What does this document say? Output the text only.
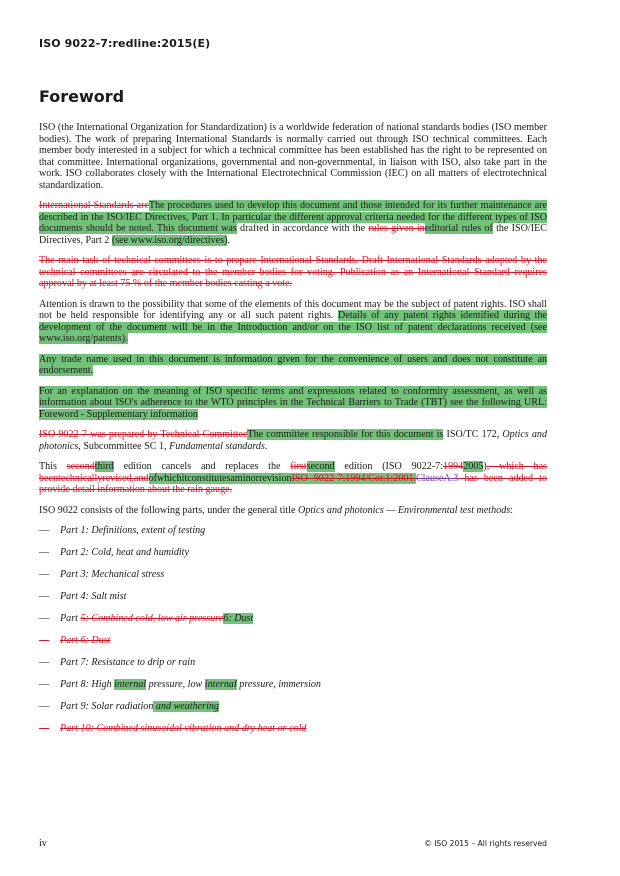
ISO 9022-7:redline:2015(E)
Foreword

ISO (the International Organization for Standardization) is a worldwide federation of national standards bodies (ISO member bodies). The work of preparing International Standards is normally carried out through ISO technical committees. Each member body interested in a subject for which a technical committee has been established has the right to be represented on that committee. International organizations, governmental and non-governmental, in liaison with ISO, also take part in the work. ISO collaborates closely with the International Electrotechnical Commission (IEC) on all matters of electrotechnical standardization.

International Standards areThe procedures used to develop this document and those intended for its further maintenance are described in the ISO/IEC Directives, Part 1. In particular the different approval criteria needed for the different types of ISO documents should be noted. This document was drafted in accordance with the rules given ineditorial rules of the ISO/IEC Directives, Part 2 (see www.iso.org/directives).

The main task of technical committees is to prepare International Standards. Draft International Standards adopted by the technical committees are circulated to the member bodies for voting. Publication as an International Standard requires approval by at least 75 % of the member bodies casting a vote.

Attention is drawn to the possibility that some of the elements of this document may be the subject of patent rights. ISO shall not be held responsible for identifying any or all such patent rights. Details of any patent rights identified during the development of the document will be in the Introduction and/or on the ISO list of patent declarations received (see www.iso.org/patents).

Any trade name used in this document is information given for the convenience of users and does not constitute an endorsement.

For an explanation on the meaning of ISO specific terms and expressions related to conformity assessment, as well as information about ISO's adherence to the WTO principles in the Technical Barriers to Trade (TBT) see the following URL: Foreword - Supplementary information

ISO 9022-7 was prepared by Technical CommitteeThe committee responsible for this document is ISO/TC 172, Optics and photonics, Subcommittee SC 1, Fundamental standards.

This secondthird edition cancels and replaces the firstsecond edition (ISO 9022-7:19942005), which has beentechnicallyrevised,andofwhichitconstitutesaminorrevisionISO 9022-7:1994/Cor.1:2001.ClauseA.3 has been added to provide detail information about the rain gauge.

ISO 9022 consists of the following parts, under the general title Optics and photonics — Environmental test methods:

—	Part 1: Definitions, extent of testing
—	Part 2: Cold, heat and humidity
—	Part 3: Mechanical stress
—	Part 4: Salt mist
—	Part 5: Combined cold, low air pressure6: Dust
—	Part 6: Dust
—	Part 7: Resistance to drip or rain
—	Part 8: High internal pressure, low internal pressure, immersion
—	Part 9: Solar radiation and weathering
—	Part 10: Combined sinusoidal vibration and dry heat or cold
iv	© ISO 2015 – All rights reserved
